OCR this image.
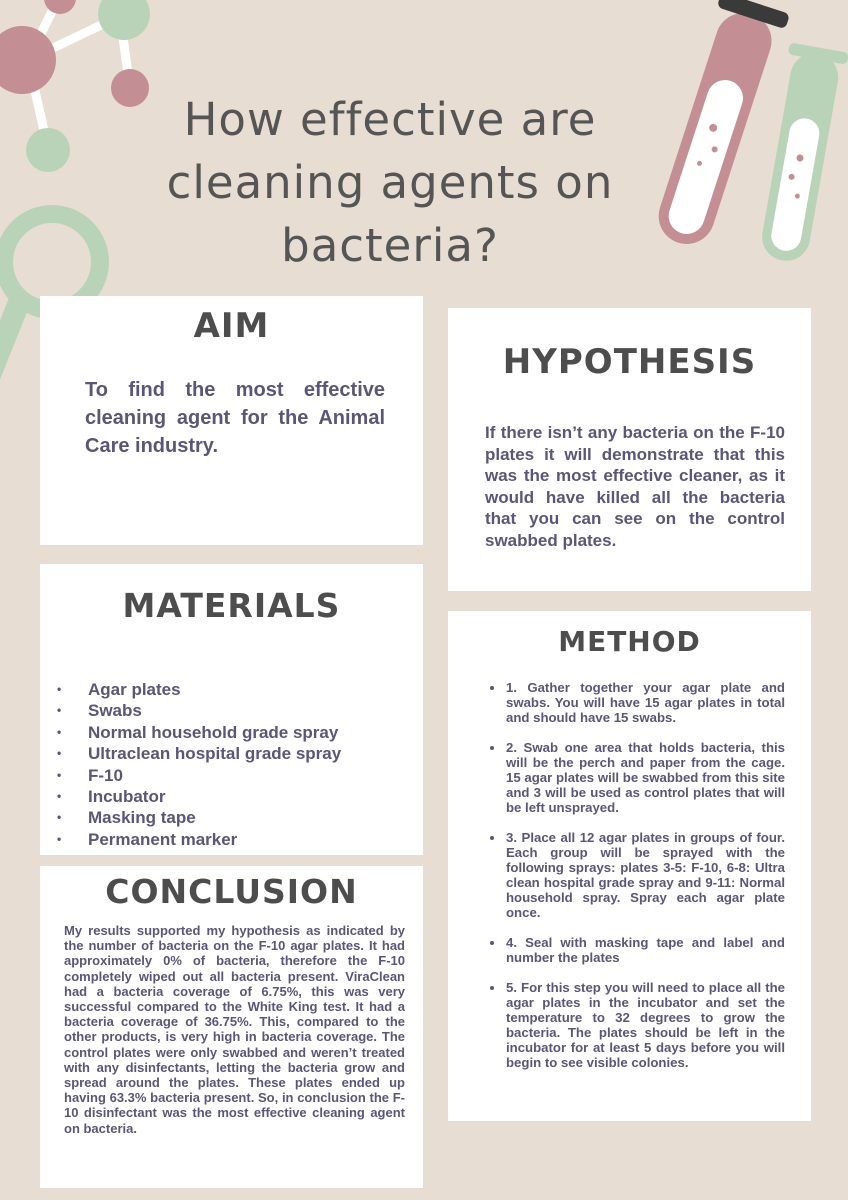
How effective are cleaning agents on bacteria?
AIM

To find the most effective cleaning agent for the Animal Care industry.

HYPOTHESIS

If there isn’t any bacteria on the F-10 plates it will demonstrate that this was the most effective cleaner, as it would have killed all the bacteria that you can see on the control swabbed plates.

MATERIALS
• Agar plates
• Swabs
• Normal household grade spray
• Ultraclean hospital grade spray
• F-10
• Incubator
• Masking tape
• Permanent marker
METHOD
1. Gather together your agar plate and swabs. You will have 15 agar plates in total and should have 15 swabs.
2. Swab one area that holds bacteria, this will be the perch and paper from the cage. 15 agar plates will be swabbed from this site and 3 will be used as control plates that will be left unsprayed.
3. Place all 12 agar plates in groups of four. Each group will be sprayed with the following sprays: plates 3-5: F-10, 6-8: Ultra clean hospital grade spray and 9-11: Normal household spray. Spray each agar plate once.
4. Seal with masking tape and label and number the plates
5. For this step you will need to place all the agar plates in the incubator and set the temperature to 32 degrees to grow the bacteria. The plates should be left in the incubator for at least 5 days before you will begin to see visible colonies.
CONCLUSION

My results supported my hypothesis as indicated by the number of bacteria on the F-10 agar plates. It had approximately 0% of bacteria, therefore the F-10 completely wiped out all bacteria present. ViraClean had a bacteria coverage of 6.75%, this was very successful compared to the White King test. It had a bacteria coverage of 36.75%. This, compared to the other products, is very high in bacteria coverage. The control plates were only swabbed and weren’t treated with any disinfectants, letting the bacteria grow and spread around the plates. These plates ended up having 63.3% bacteria present. So, in conclusion the F-10 disinfectant was the most effective cleaning agent on bacteria.
